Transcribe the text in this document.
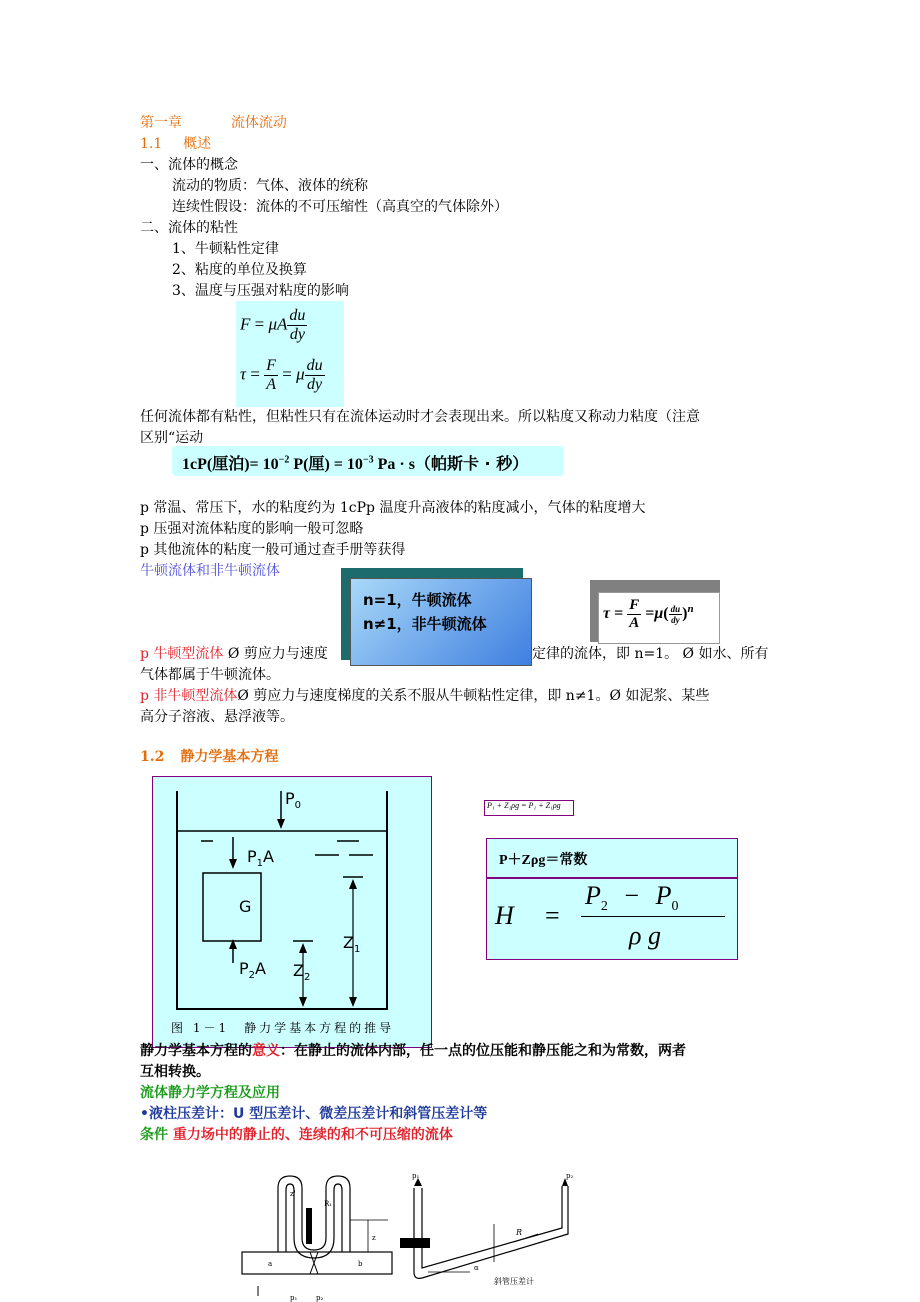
第一章	流体流动
1.1 概述
一、流体的概念
流动的物质：气体、液体的统称
连续性假设：流体的不可压缩性（高真空的气体除外）
二、流体的粘性
1、牛顿粘性定律
2、粘度的单位及换算
3、温度与压强对粘度的影响
F = μA $\frac{du}{dy}$
$\tau = \frac{F}{A} = \mu \frac{du}{dy}$
任何流体都有粘性，但粘性只有在流体运动时才会表现出来。所以粘度又称动力粘度（注意
区别“运动
1cP(厘泊)= $10^{-2}$ P(厘) = $10^{-3}$ Pa · s（帕斯卡 · 秒）
p 常温、常压下，水的粘度约为 1cPp 温度升高液体的粘度减小，气体的粘度增大
p 压强对流体粘度的影响一般可忽略
p 其他流体的粘度一般可通过查手册等获得
牛顿流体和非牛顿流体
n=1，牛顿流体
n≠1，非牛顿流体
$\tau = \frac{F}{A} =\mu( \frac{du}{dy} )^n$
p 牛顿型流体 Ø 剪应力与速度	定律的流体，即 n=1。 Ø 如水、所有
气体都属于牛顿流体。
p 非牛顿型流体Ø 剪应力与速度梯度的关系不服从牛顿粘性定律，即 n≠1。Ø 如泥浆、某些
高分子溶液、悬浮液等。
1.2 静力学基本方程
$P_0$
$P_1A$
G
$P_2A$
$Z_1$
$Z_2$
图 1－1　静力学基本方程的推导
P₁ + Z₁ρg = P₁ + Z₁ρg
P＋Zρg＝常数
H =
$P_2 - P_0$
ρ g
静力学基本方程的意义：在静止的流体内部，任一点的位压能和静压能之和为常数，两者
互相转换。
流体静力学方程及应用
•液柱压差计：U 型压差计、微差压差计和斜管压差计等
条件 重力场中的静止的、连续的和不可压缩的流体
z'
z
a	b
R₁
p₁	p₂
R
α
斜管压差计
p₁	p₂
